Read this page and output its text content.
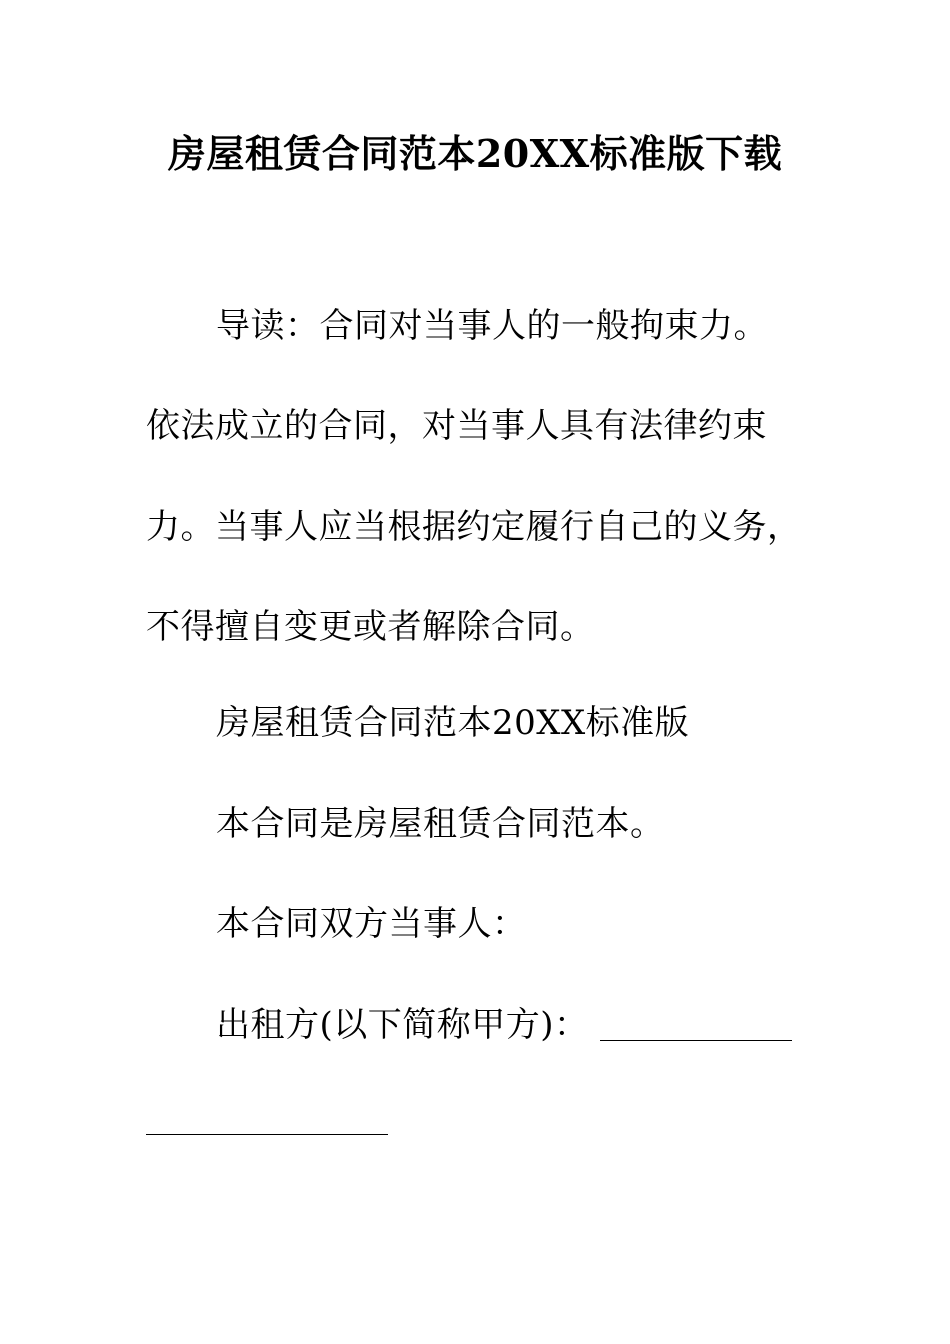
房屋租赁合同范本20XX标准版下载
导读：合同对当事人的一般拘束力。
依法成立的合同，对当事人具有法律约束
力。当事人应当根据约定履行自己的义务，
不得擅自变更或者解除合同。
房屋租赁合同范本20XX标准版
本合同是房屋租赁合同范本。
本合同双方当事人：
出租方(以下简称甲方)：
